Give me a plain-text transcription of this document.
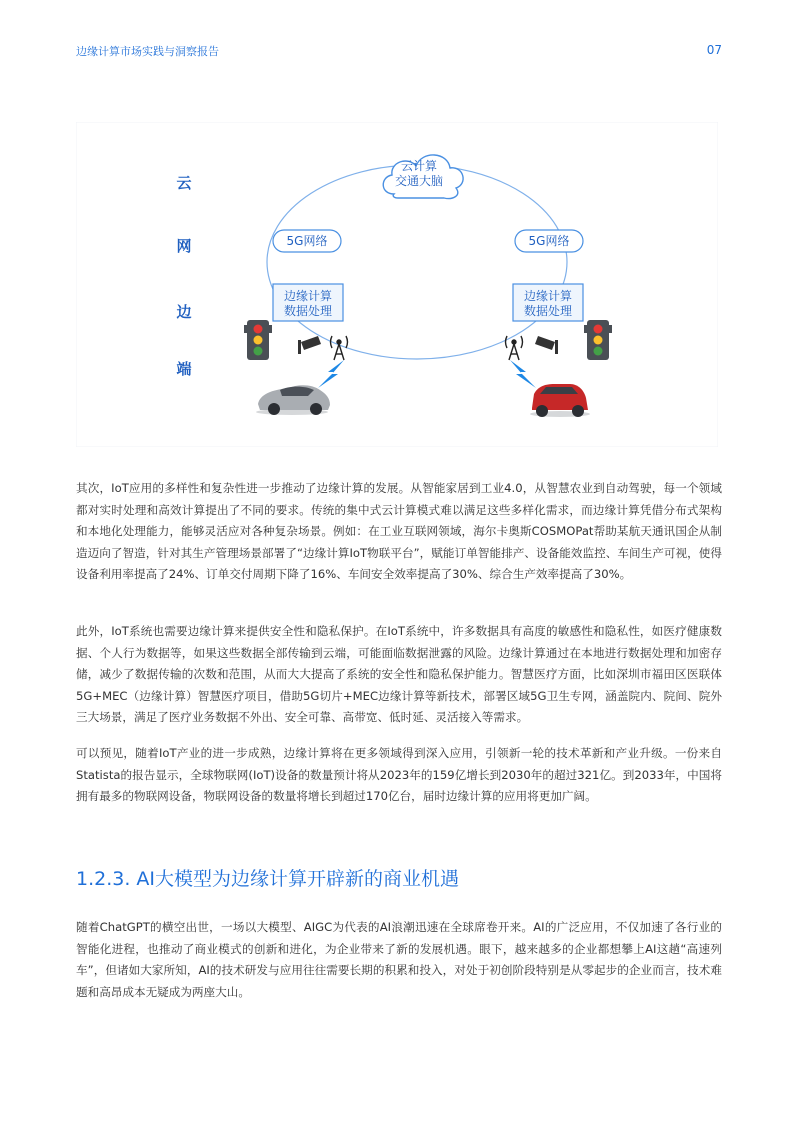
边缘计算市场实践与洞察报告	07
云
网
边
端
云计算
交通大脑
5G网络	5G网络
边缘计算
数据处理
边缘计算
数据处理

其次，IoT应用的多样性和复杂性进一步推动了边缘计算的发展。从智能家居到工业4.0，从智慧农业到自动驾驶，每一个领域都对实时处理和高效计算提出了不同的要求。传统的集中式云计算模式难以满足这些多样化需求，而边缘计算凭借分布式架构和本地化处理能力，能够灵活应对各种复杂场景。例如：在工业互联网领域，海尔卡奥斯COSMOPat帮助某航天通讯国企从制造迈向了智造，针对其生产管理场景部署了“边缘计算IoT物联平台”，赋能订单智能排产、设备能效监控、车间生产可视，使得设备利用率提高了24%、订单交付周期下降了16%、车间安全效率提高了30%、综合生产效率提高了30%。

此外，IoT系统也需要边缘计算来提供安全性和隐私保护。在IoT系统中，许多数据具有高度的敏感性和隐私性，如医疗健康数据、个人行为数据等，如果这些数据全部传输到云端，可能面临数据泄露的风险。边缘计算通过在本地进行数据处理和加密存储，减少了数据传输的次数和范围，从而大大提高了系统的安全性和隐私保护能力。智慧医疗方面，比如深圳市福田区医联体5G+MEC（边缘计算）智慧医疗项目，借助5G切片+MEC边缘计算等新技术，部署区域5G卫生专网，涵盖院内、院间、院外三大场景，满足了医疗业务数据不外出、安全可靠、高带宽、低时延、灵活接入等需求。

可以预见，随着IoT产业的进一步成熟，边缘计算将在更多领域得到深入应用，引领新一轮的技术革新和产业升级。一份来自Statista的报告显示，全球物联网(IoT)设备的数量预计将从2023年的159亿增长到2030年的超过321亿。到2033年，中国将拥有最多的物联网设备，物联网设备的数量将增长到超过170亿台，届时边缘计算的应用将更加广阔。

1.2.3. AI大模型为边缘计算开辟新的商业机遇

随着ChatGPT的横空出世，一场以大模型、AIGC为代表的AI浪潮迅速在全球席卷开来。AI的广泛应用，不仅加速了各行业的智能化进程，也推动了商业模式的创新和进化，为企业带来了新的发展机遇。眼下，越来越多的企业都想攀上AI这趟“高速列车”，但诸如大家所知，AI的技术研发与应用往往需要长期的积累和投入，对处于初创阶段特别是从零起步的企业而言，技术难题和高昂成本无疑成为两座大山。
